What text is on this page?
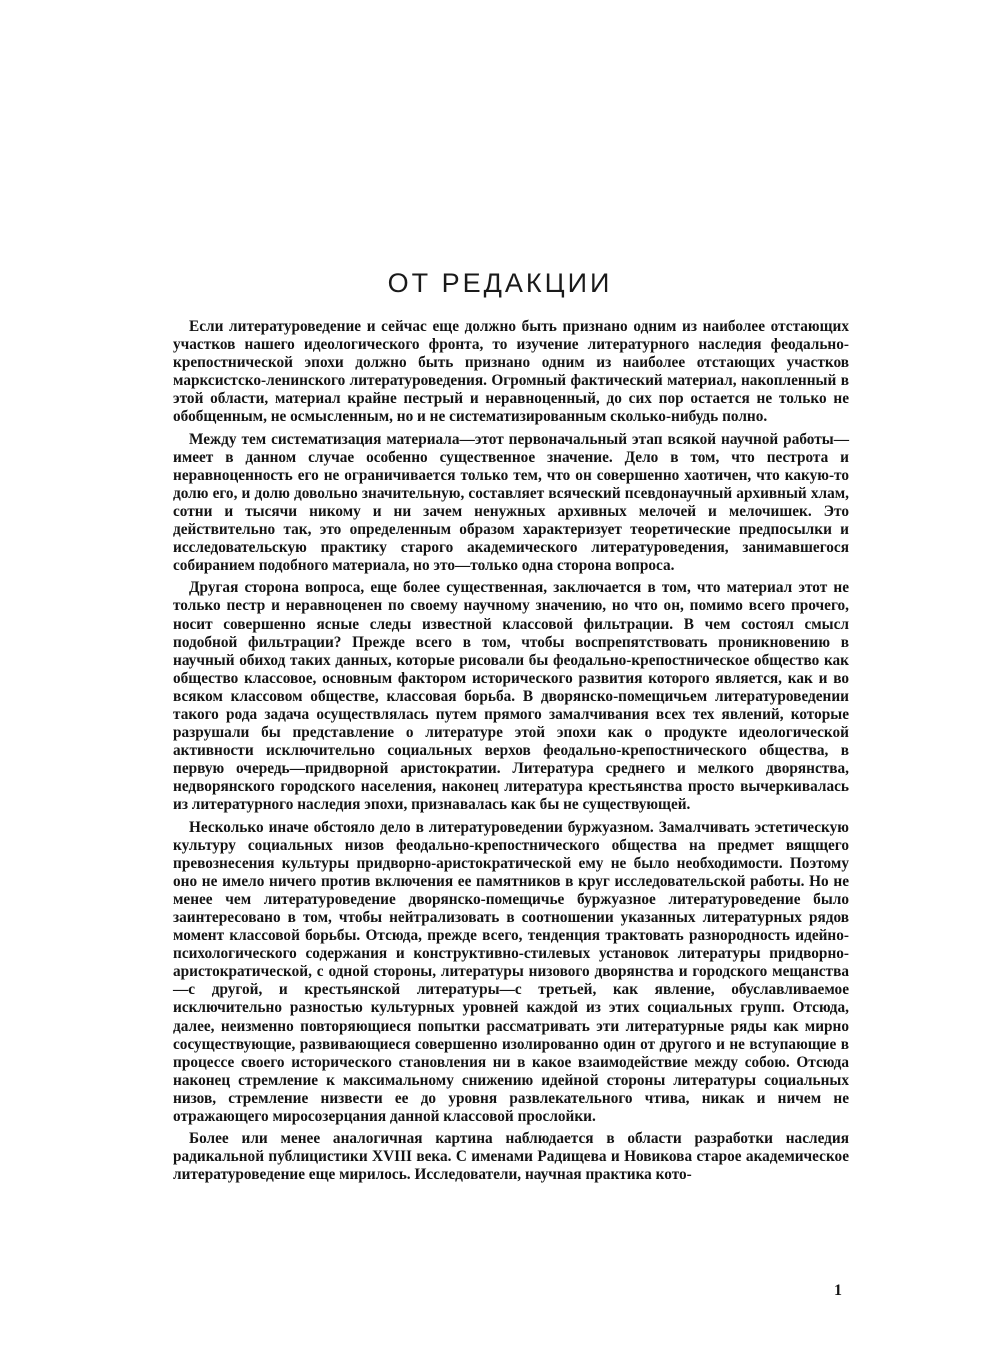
ОТ РЕДАКЦИИ

Если литературоведение и сейчас еще должно быть признано одним из наиболее отстающих участков нашего идеологического фронта, то изучение литературного наследия феодально-крепостнической эпохи должно быть признано одним из наиболее отстающих участков марксистско-ленинского литературоведения. Огромный фактический материал, накопленный в этой области, материал крайне пестрый и неравноценный, до сих пор остается не только не обобщенным, не осмысленным, но и не систематизированным сколько-нибудь полно.

Между тем систематизация материала—этот первоначальный этап всякой научной работы—имеет в данном случае особенно существенное значение. Дело в том, что пестрота и неравноценность его не ограничивается только тем, что он совершенно хаотичен, что какую-то долю его, и долю довольно значительную, составляет всяческий псевдонаучный архивный хлам, сотни и тысячи никому и ни зачем ненужных архивных мелочей и мелочишек. Это действительно так, это определенным образом характеризует теоретические предпосылки и исследовательскую практику старого академического литературоведения, занимавшегося собиранием подобного материала, но это—только одна сторона вопроса.

Другая сторона вопроса, еще более существенная, заключается в том, что материал этот не только пестр и неравноценен по своему научному значению, но что он, помимо всего прочего, носит совершенно ясные следы известной классовой фильтрации. В чем состоял смысл подобной фильтрации? Прежде всего в том, чтобы воспрепятствовать проникновению в научный обиход таких данных, которые рисовали бы феодально-крепостническое общество как общество классовое, основным фактором исторического развития которого является, как и во всяком классовом обществе, классовая борьба. В дворянско-помещичьем литературоведении такого рода задача осуществлялась путем прямого замалчивания всех тех явлений, которые разрушали бы представление о литературе этой эпохи как о продукте идеологической активности исключительно социальных верхов феодально-крепостнического общества, в первую очередь—придворной аристократии. Литература среднего и мелкого дворянства, недворянского городского населения, наконец литература крестьянства просто вычеркивалась из литературного наследия эпохи, признавалась как бы не существующей.

Несколько иначе обстояло дело в литературоведении буржуазном. Замалчивать эстетическую культуру социальных низов феодально-крепостнического общества на предмет вящщего превознесения культуры придворно-аристократической ему не было необходимости. Поэтому оно не имело ничего против включения ее памятников в круг исследовательской работы. Но не менее чем литературоведение дворянско-помещичье буржуазное литературоведение было заинтересовано в том, чтобы нейтрализовать в соотношении указанных литературных рядов момент классовой борьбы. Отсюда, прежде всего, тенденция трактовать разнородность идейно-психологического содержания и конструктивно-стилевых установок литературы придворно-аристократической, с одной стороны, литературы низового дворянства и городского мещанства—с другой, и крестьянской литературы—с третьей, как явление, обуславливаемое исключительно разностью культурных уровней каждой из этих социальных групп. Отсюда, далее, неизменно повторяющиеся попытки рассматривать эти литературные ряды как мирно сосуществующие, развивающиеся совершенно изолированно один от другого и не вступающие в процессе своего исторического становления ни в какое взаимодействие между собою. Отсюда наконец стремление к максимальному снижению идейной стороны литературы социальных низов, стремление низвести ее до уровня развлекательного чтива, никак и ничем не отражающего миросозерцания данной классовой прослойки.

Более или менее аналогичная картина наблюдается в области разработки наследия радикальной публицистики XVIII века. С именами Радищева и Новикова старое академическое литературоведение еще мирилось. Исследователи, научная практика кото-

1
